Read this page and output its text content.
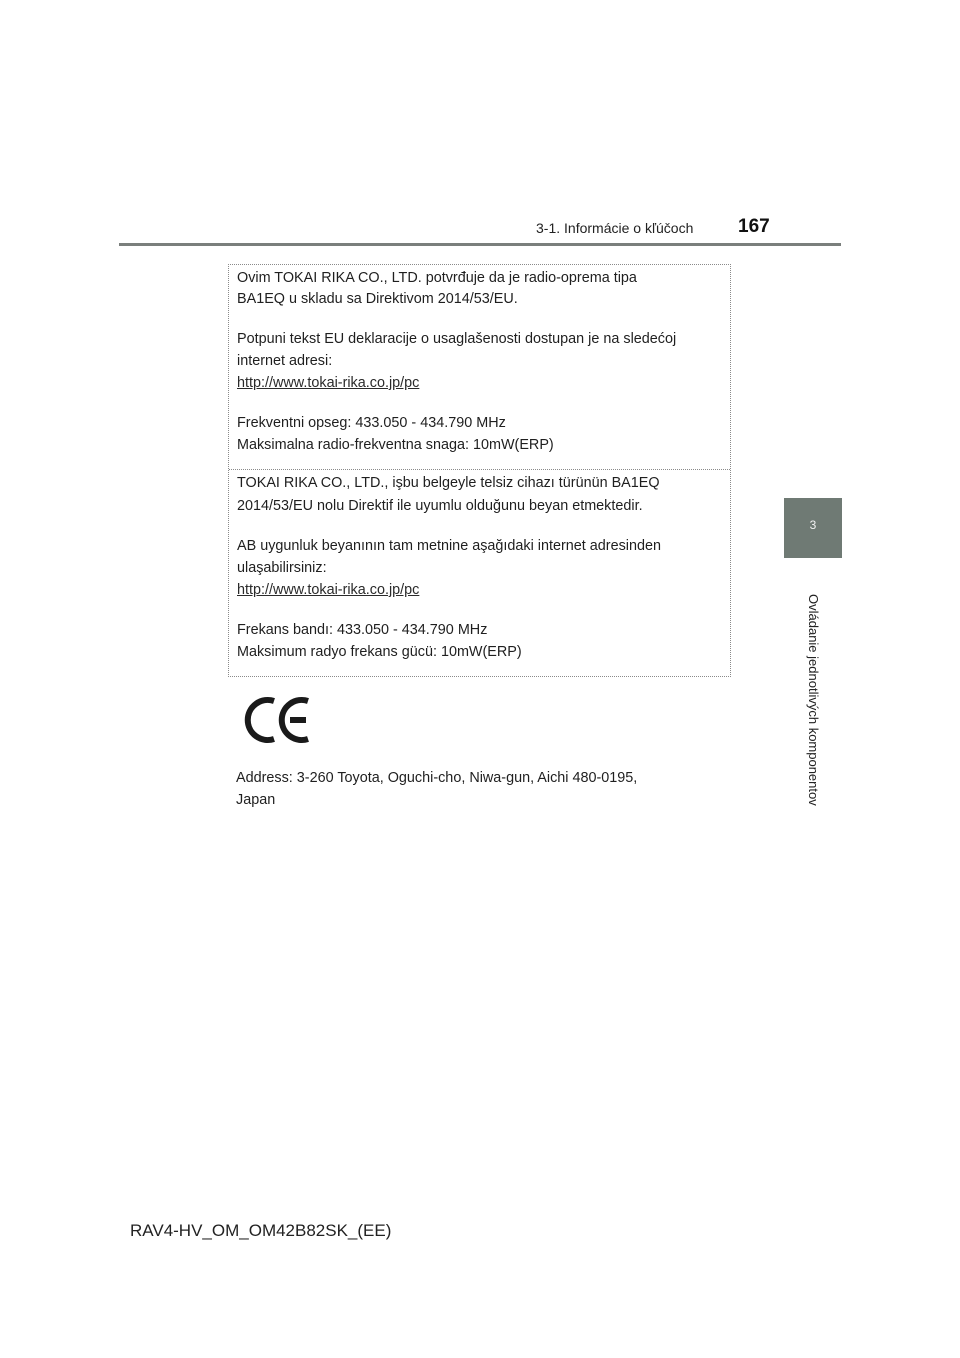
3-1. Informácie o kľúčoch 167
3
Ovládanie jednotlivých komponentov
Ovim TOKAI RIKA CO., LTD. potvrđuje da je radio-oprema tipa
BA1EQ u skladu sa Direktivom 2014/53/EU.
Potpuni tekst EU deklaracije o usaglašenosti dostupan je na sledećoj
internet adresi:
http://www.tokai-rika.co.jp/pc
Frekventni opseg: 433.050 - 434.790 MHz
Maksimalna radio-frekventna snaga: 10mW(ERP)
TOKAI RIKA CO., LTD., işbu belgeyle telsiz cihazı türünün BA1EQ
2014/53/EU nolu Direktif ile uyumlu olduğunu beyan etmektedir.
AB uygunluk beyanının tam metnine aşağıdaki internet adresinden
ulaşabilirsiniz:
http://www.tokai-rika.co.jp/pc
Frekans bandı: 433.050 - 434.790 MHz
Maksimum radyo frekans gücü: 10mW(ERP)
Address: 3-260 Toyota, Oguchi-cho, Niwa-gun, Aichi 480-0195,
Japan
RAV4-HV_OM_OM42B82SK_(EE)
